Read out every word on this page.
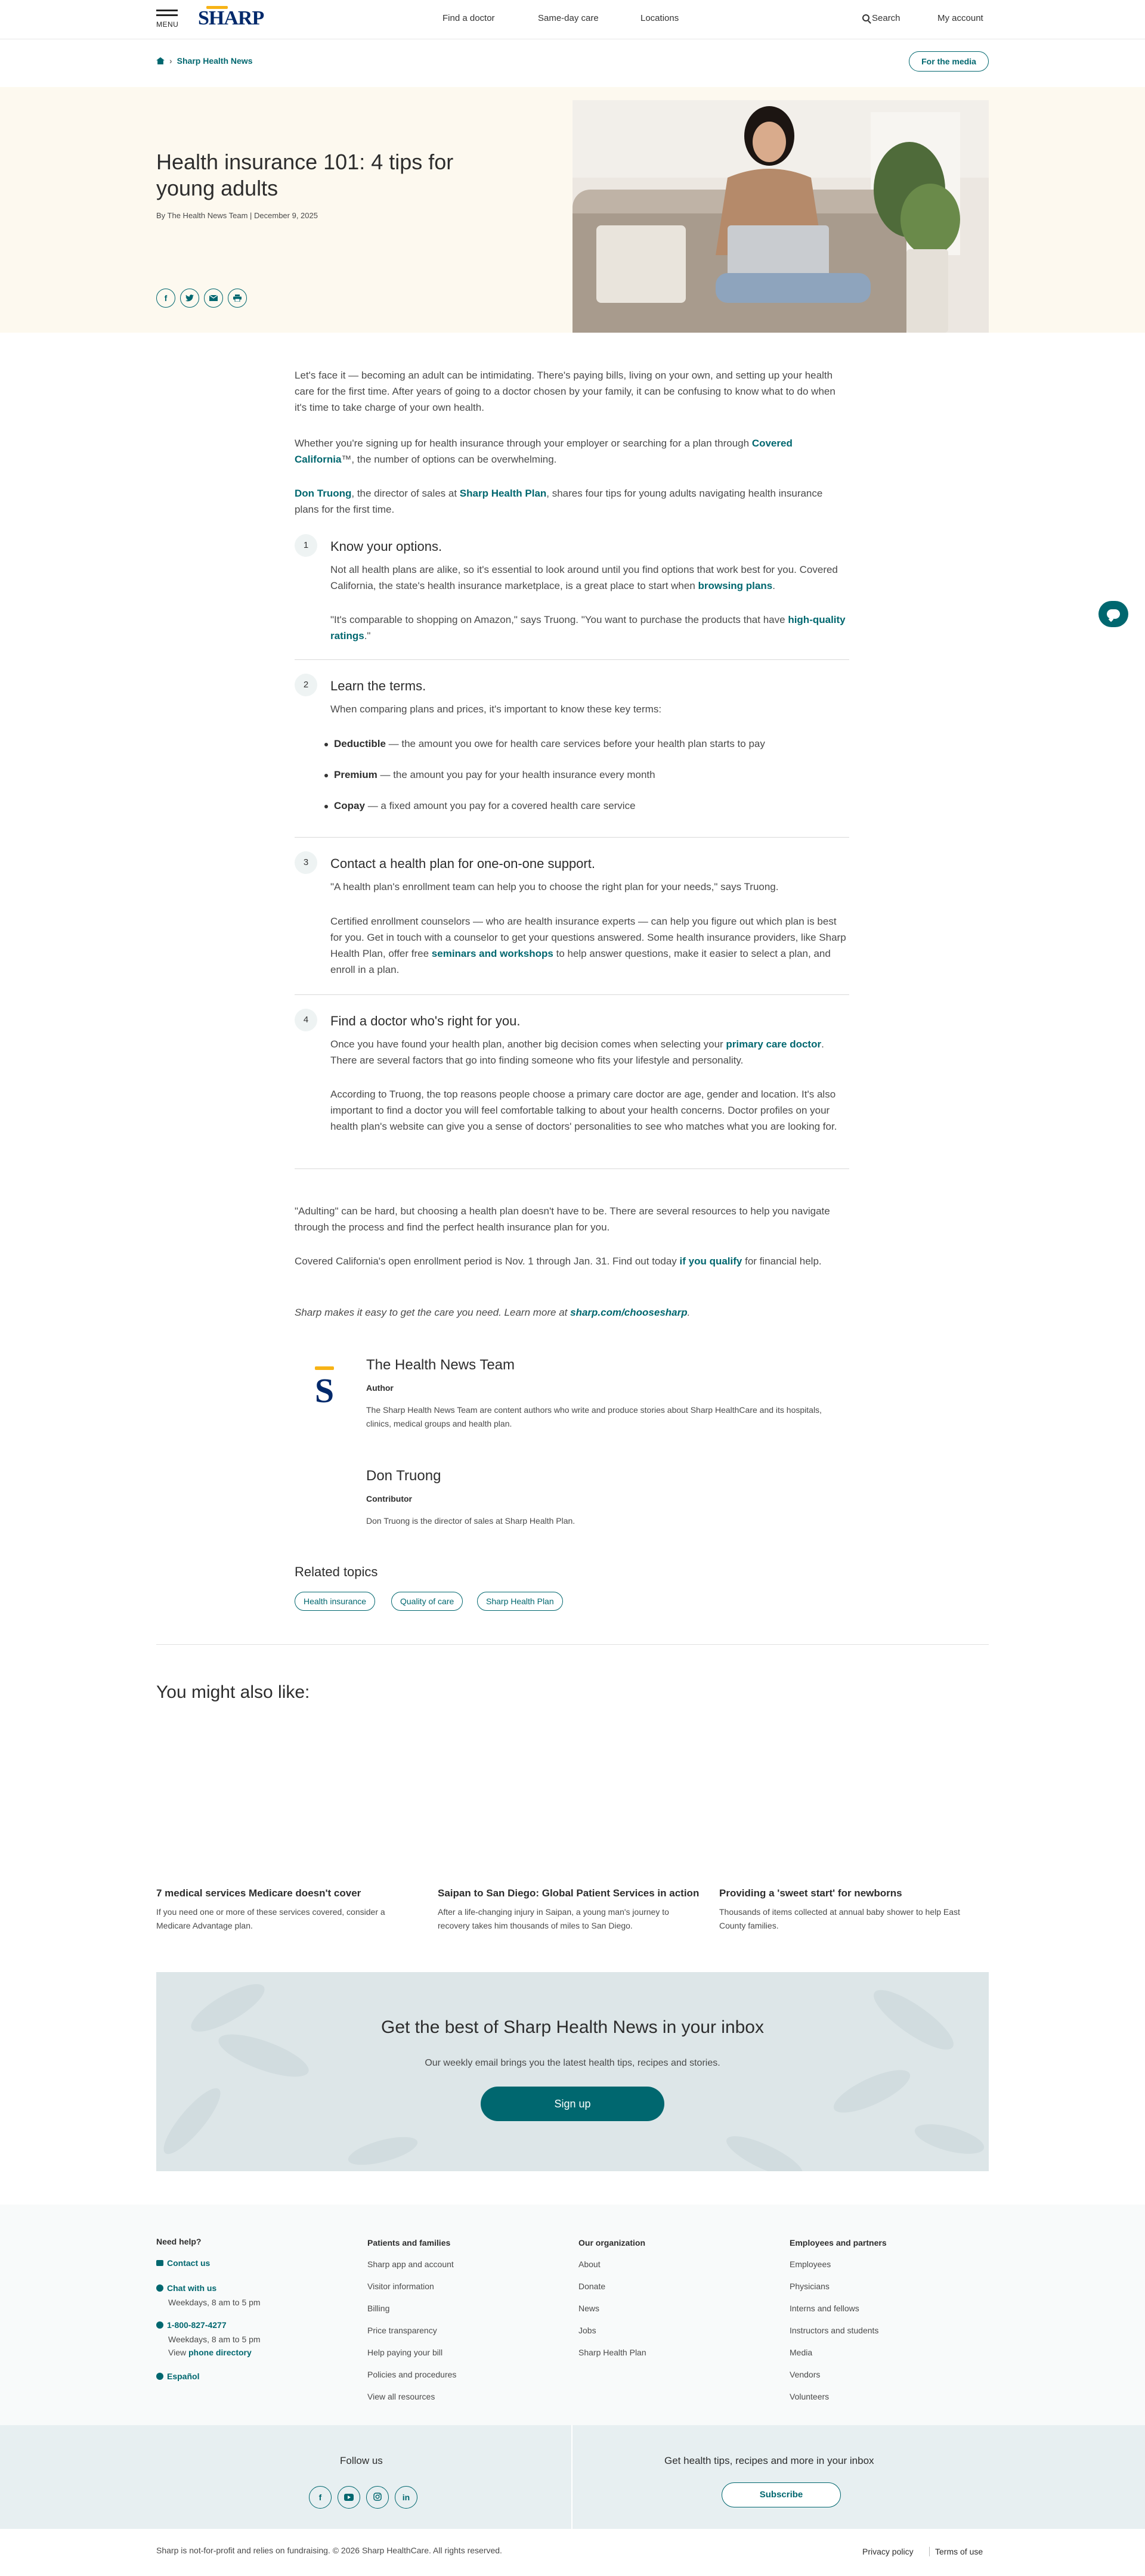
MENU SHARP	Find a doctor	Same-day care	Locations	Search	My account
› Sharp Health News	For the media
Health insurance 101: 4 tips for young adults
By The Health News Team | December 9, 2025
f

Let's face it — becoming an adult can be intimidating. There's paying bills, living on your own, and setting up your health care for the first time. After years of going to a doctor chosen by your family, it can be confusing to know what to do when it's time to take charge of your own health.

Whether you're signing up for health insurance through your employer or searching for a plan through Covered California™, the number of options can be overwhelming.

Don Truong, the director of sales at Sharp Health Plan, shares four tips for young adults navigating health insurance plans for the first time.

1	Know your options.

Not all health plans are alike, so it's essential to look around until you find options that work best for you. Covered California, the state's health insurance marketplace, is a great place to start when browsing plans.

"It's comparable to shopping on Amazon," says Truong. "You want to purchase the products that have high-quality ratings."

2	Learn the terms.

When comparing plans and prices, it's important to know these key terms:

Deductible — the amount you owe for health care services before your health plan starts to pay
Premium — the amount you pay for your health insurance every month
Copay — a fixed amount you pay for a covered health care service
3	Contact a health plan for one-on-one support.

"A health plan's enrollment team can help you to choose the right plan for your needs," says Truong.

Certified enrollment counselors — who are health insurance experts — can help you figure out which plan is best for you. Get in touch with a counselor to get your questions answered. Some health insurance providers, like Sharp Health Plan, offer free seminars and workshops to help answer questions, make it easier to select a plan, and enroll in a plan.

4	Find a doctor who's right for you.

Once you have found your health plan, another big decision comes when selecting your primary care doctor. There are several factors that go into finding someone who fits your lifestyle and personality.

According to Truong, the top reasons people choose a primary care doctor are age, gender and location. It's also important to find a doctor you will feel comfortable talking to about your health concerns. Doctor profiles on your health plan's website can give you a sense of doctors' personalities to see who matches what you are looking for.

"Adulting" can be hard, but choosing a health plan doesn't have to be. There are several resources to help you navigate through the process and find the perfect health insurance plan for you.

Covered California's open enrollment period is Nov. 1 through Jan. 31. Find out today if you qualify for financial help.

Sharp makes it easy to get the care you need. Learn more at sharp.com/choosesharp.

S
The Health News Team
Author
The Sharp Health News Team are content authors who write and produce stories about Sharp HealthCare and its hospitals, clinics, medical groups and health plan.
Don Truong
Contributor
Don Truong is the director of sales at Sharp Health Plan.
Related topics
Health insurance	Quality of care	Sharp Health Plan
You might also like:
7 medical services Medicare doesn't cover
If you need one or more of these services covered, consider a Medicare Advantage plan.
Saipan to San Diego: Global Patient Services in action
After a life-changing injury in Saipan, a young man's journey to recovery takes him thousands of miles to San Diego.
Providing a 'sweet start' for newborns
Thousands of items collected at annual baby shower to help East County families.
Get the best of Sharp Health News in your inbox
Our weekly email brings you the latest health tips, recipes and stories.
Sign up
Need help?
Contact us
Chat with us
Weekdays, 8 am to 5 pm
1-800-827-4277
Weekdays, 8 am to 5 pm
View phone directory
Español
Patients and families
Sharp app and account
Visitor information
Billing
Price transparency
Help paying your bill
Policies and procedures
View all resources
Our organization
About
Donate
News
Jobs
Sharp Health Plan
Employees and partners
Employees
Physicians
Interns and fellows
Instructors and students
Media
Vendors
Volunteers
Follow us
f	in
Get health tips, recipes and more in your inbox
Subscribe
Sharp is not-for-profit and relies on fundraising. © 2026 Sharp HealthCare. All rights reserved.	Privacy policy	Terms of use
